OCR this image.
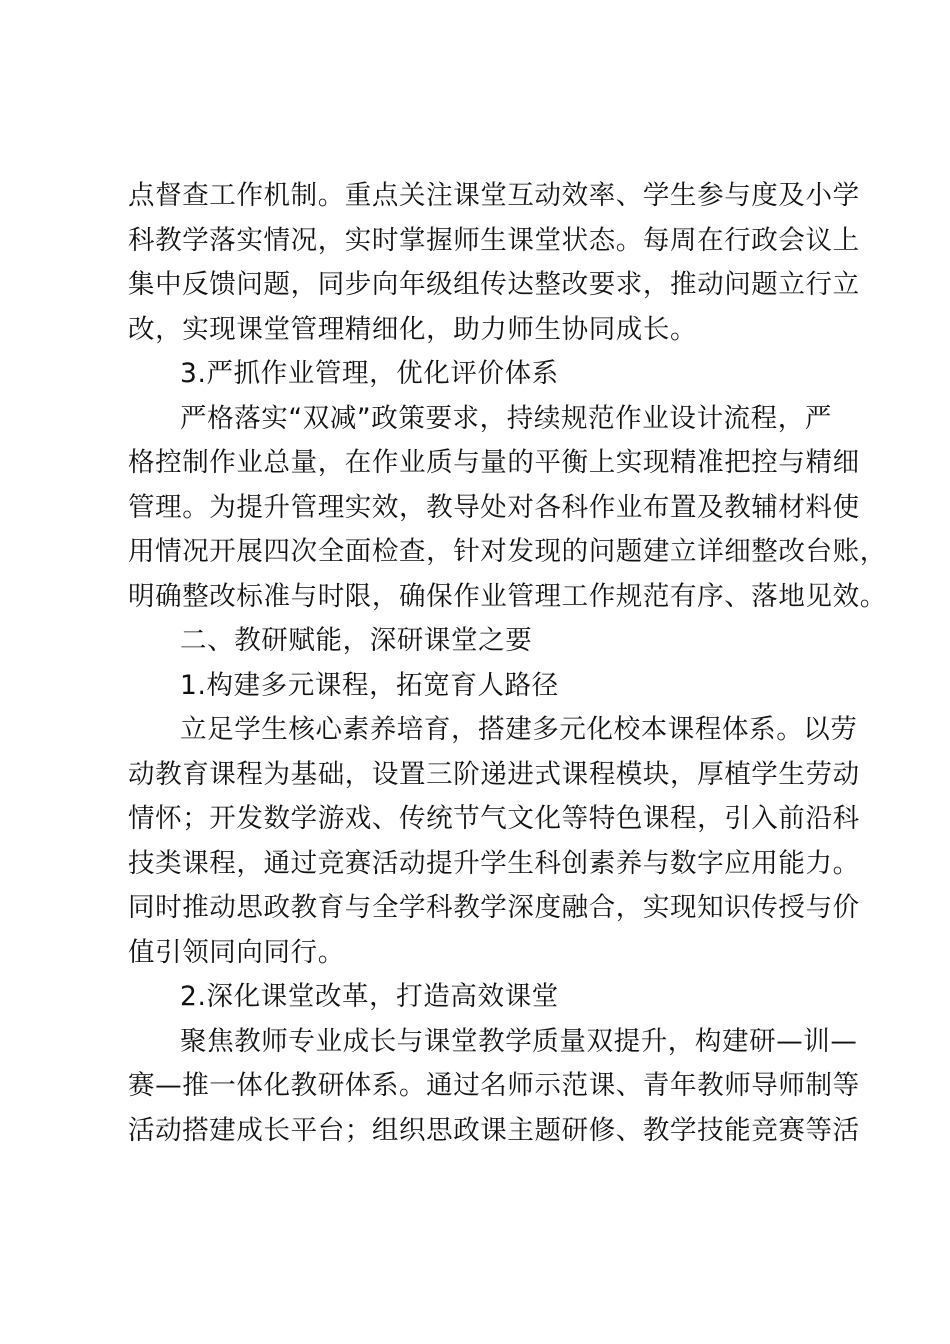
点督查工作机制。重点关注课堂互动效率、学生参与度及小学
科教学落实情况，实时掌握师生课堂状态。每周在行政会议上
集中反馈问题，同步向年级组传达整改要求，推动问题立行立
改，实现课堂管理精细化，助力师生协同成长。
3.严抓作业管理，优化评价体系
严格落实“双减”政策要求，持续规范作业设计流程，严
格控制作业总量，在作业质与量的平衡上实现精准把控与精细
管理。为提升管理实效，教导处对各科作业布置及教辅材料使
用情况开展四次全面检查，针对发现的问题建立详细整改台账，
明确整改标准与时限，确保作业管理工作规范有序、落地见效。
二、教研赋能，深研课堂之要
1.构建多元课程，拓宽育人路径
立足学生核心素养培育，搭建多元化校本课程体系。以劳
动教育课程为基础，设置三阶递进式课程模块，厚植学生劳动
情怀；开发数学游戏、传统节气文化等特色课程，引入前沿科
技类课程，通过竞赛活动提升学生科创素养与数字应用能力。
同时推动思政教育与全学科教学深度融合，实现知识传授与价
值引领同向同行。
2.深化课堂改革，打造高效课堂
聚焦教师专业成长与课堂教学质量双提升，构建研—训—
赛—推一体化教研体系。通过名师示范课、青年教师导师制等
活动搭建成长平台；组织思政课主题研修、教学技能竞赛等活
